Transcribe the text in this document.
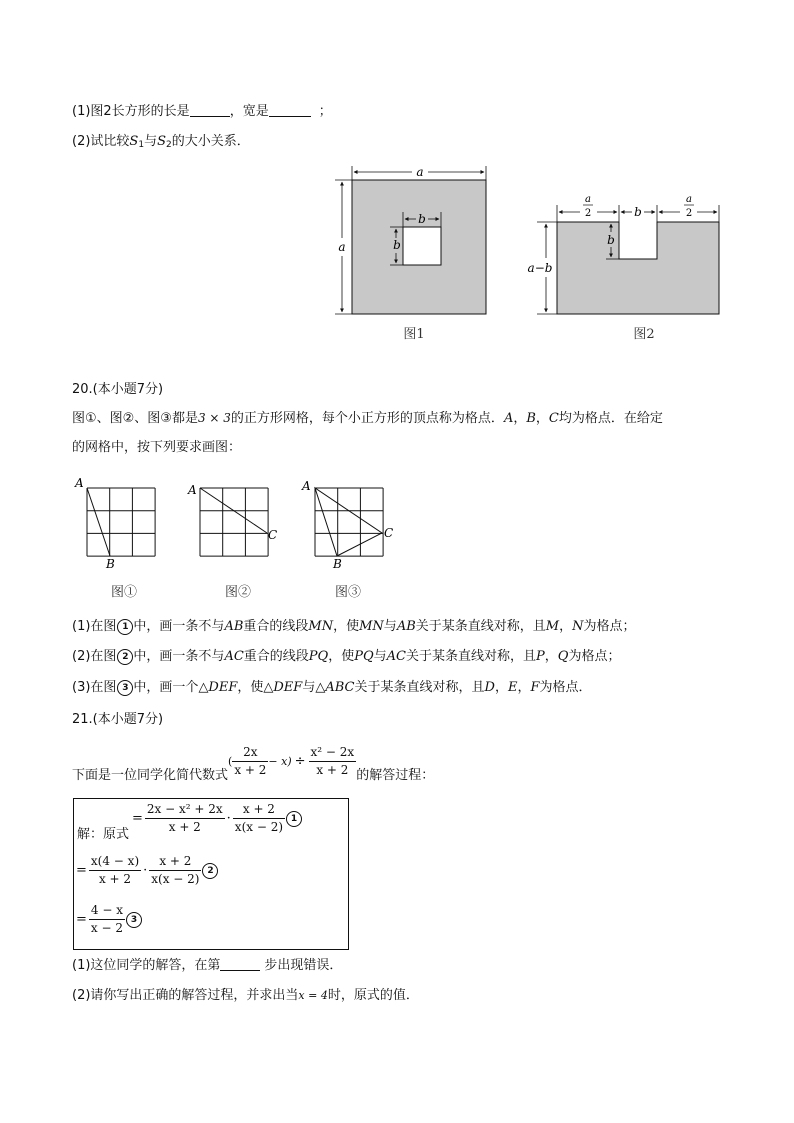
(1)图2长方形的长是	，宽是	；
(2)试比较$S_1$与$S_2$的大小关系．
a
a
b
b
图1
a
2	b
a
2
b
a−b
图2
20.(本小题7分)
图①、图②、图③都是3 × 3的正方形网格，每个小正方形的顶点称为格点．A，B，C均为格点．在给定
的网格中，按下列要求画图：
A
B
图①
A
C
图②
A
B
C
图③
(1)在图 1 中，画一条不与AB重合的线段MN，使MN与AB关于某条直线对称，且M，N为格点；
(2)在图 2 中，画一条不与AC重合的线段PQ，使PQ与AC关于某条直线对称，且P，Q为格点；
(3)在图 3 中，画一个△DEF，使△DEF与△ABC关于某条直线对称，且D，E，F为格点．
21.(本小题7分)
下面是一位同学化简代数式( $\frac{2x}{x + 2} - x) \div \frac{\text{x² − 2x}}{x + 2}$ 的解答过程：
解：原式
= $\frac{\text{2x − x² + 2x}}{x + 2} \cdot \frac{x + 2}{x(x - 2)} 1$
= $\frac{x(4 - x)}{x + 2} \cdot \frac{x + 2}{x(x - 2)} 2$
= $\frac{4 - x}{x - 2} 3$
(1)这位同学的解答，在第	步出现错误．
(2)请你写出正确的解答过程，并求出当x = 4时，原式的值．
